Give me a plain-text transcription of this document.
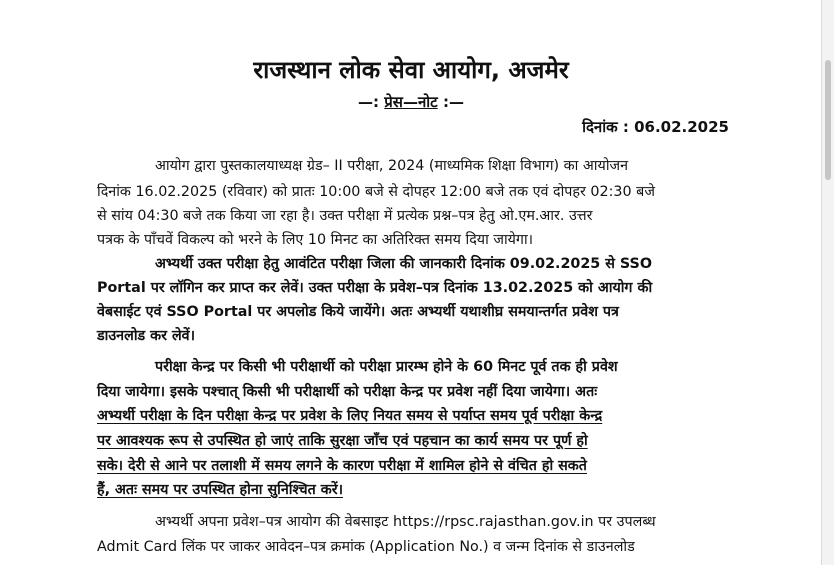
राजस्थान लोक सेवा आयोग, अजमेर
—: प्रेस—नोट :—
दिनांक : 06.02.2025
आयोग द्वारा पुस्तकालयाध्यक्ष ग्रेड– II परीक्षा, 2024 (माध्यमिक शिक्षा विभाग) का आयोजन
दिनांक 16.02.2025 (रविवार) को प्रातः 10:00 बजे से दोपहर 12:00 बजे तक एवं दोपहर 02:30 बजे
से सांय 04:30 बजे तक किया जा रहा है। उक्त परीक्षा में प्रत्येक प्रश्न–पत्र हेतु ओ.एम.आर. उत्तर
पत्रक के पाँचवें विकल्प को भरने के लिए 10 मिनट का अतिरिक्त समय दिया जायेगा।
अभ्यर्थी उक्त परीक्षा हेतु आवंटित परीक्षा जिला की जानकारी दिनांक 09.02.2025 से SSO
Portal पर लॉगिन कर प्राप्त कर लेवें। उक्त परीक्षा के प्रवेश–पत्र दिनांक 13.02.2025 को आयोग की
वेबसाईट एवं SSO Portal पर अपलोड किये जायेंगे। अतः अभ्यर्थी यथाशीघ्र समयान्तर्गत प्रवेश पत्र
डाउनलोड कर लेवें।
परीक्षा केन्द्र पर किसी भी परीक्षार्थी को परीक्षा प्रारम्भ होने के 60 मिनट पूर्व तक ही प्रवेश
दिया जायेगा। इसके पश्चात् किसी भी परीक्षार्थी को परीक्षा केन्द्र पर प्रवेश नहीं दिया जायेगा। अतः
अभ्यर्थी परीक्षा के दिन परीक्षा केन्द्र पर प्रवेश के लिए नियत समय से पर्याप्त समय पूर्व परीक्षा केन्द्र
पर आवश्यक रूप से उपस्थित हो जाएं ताकि सुरक्षा जाँच एवं पहचान का कार्य समय पर पूर्ण हो
सके। देरी से आने पर तलाशी में समय लगने के कारण परीक्षा में शामिल होने से वंचित हो सकते
हैं, अतः समय पर उपस्थित होना सुनिश्चित करें।
अभ्यर्थी अपना प्रवेश–पत्र आयोग की वेबसाइट https://rpsc.rajasthan.gov.in पर उपलब्ध
Admit Card लिंक पर जाकर आवेदन–पत्र क्रमांक (Application No.) व जन्म दिनांक से डाउनलोड
